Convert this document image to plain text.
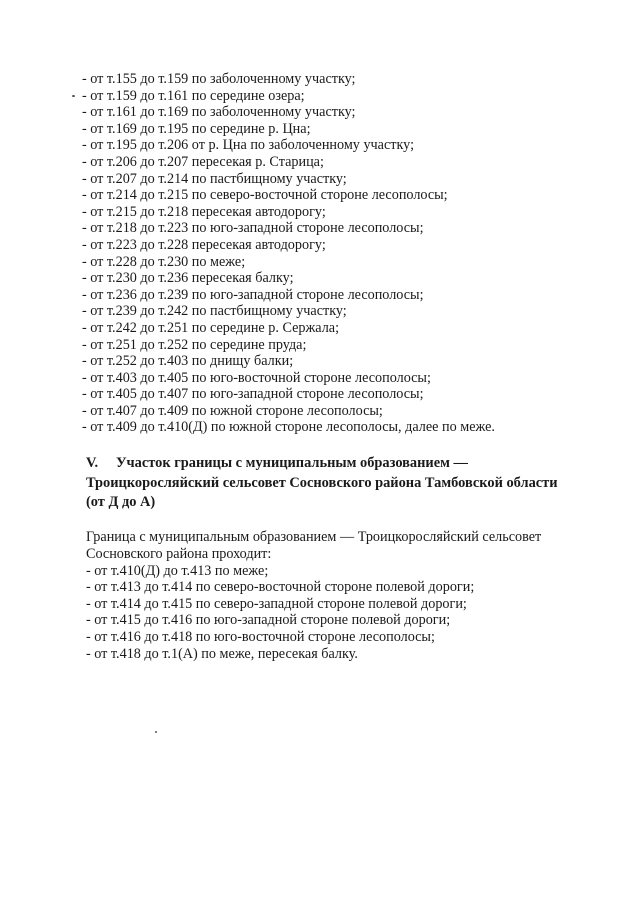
- от т.155 до т.159 по заболоченному участку;
- от т.159 до т.161 по середине озера;
- от т.161 до т.169 по заболоченному участку;
- от т.169 до т.195 по середине р. Цна;
- от т.195 до т.206 от р. Цна по заболоченному участку;
- от т.206 до т.207 пересекая р. Старица;
- от т.207 до т.214 по пастбищному участку;
- от т.214 до т.215 по северо-восточной стороне лесополосы;
- от т.215 до т.218 пересекая автодорогу;
- от т.218 до т.223 по юго-западной стороне лесополосы;
- от т.223 до т.228 пересекая автодорогу;
- от т.228 до т.230 по меже;
- от т.230 до т.236 пересекая балку;
- от т.236 до т.239 по юго-западной стороне лесополосы;
- от т.239 до т.242 по пастбищному участку;
- от т.242 до т.251 по середине р. Сержала;
- от т.251 до т.252 по середине пруда;
- от т.252 до т.403 по днищу балки;
- от т.403 до т.405 по юго-восточной стороне лесополосы;
- от т.405 до т.407 по юго-западной стороне лесополосы;
- от т.407 до т.409 по южной стороне лесополосы;
- от т.409 до т.410(Д) по южной стороне лесополосы, далее по меже.
V. Участок границы с муниципальным образованием —
Троицкоросляйский сельсовет Сосновского района Тамбовской области
(от Д до А)
Граница с муниципальным образованием — Троицкоросляйский сельсовет
Сосновского района проходит:
- от т.410(Д) до т.413 по меже;
- от т.413 до т.414 по северо-восточной стороне полевой дороги;
- от т.414 до т.415 по северо-западной стороне полевой дороги;
- от т.415 до т.416 по юго-западной стороне полевой дороги;
- от т.416 до т.418 по юго-восточной стороне лесополосы;
- от т.418 до т.1(А) по меже, пересекая балку.
